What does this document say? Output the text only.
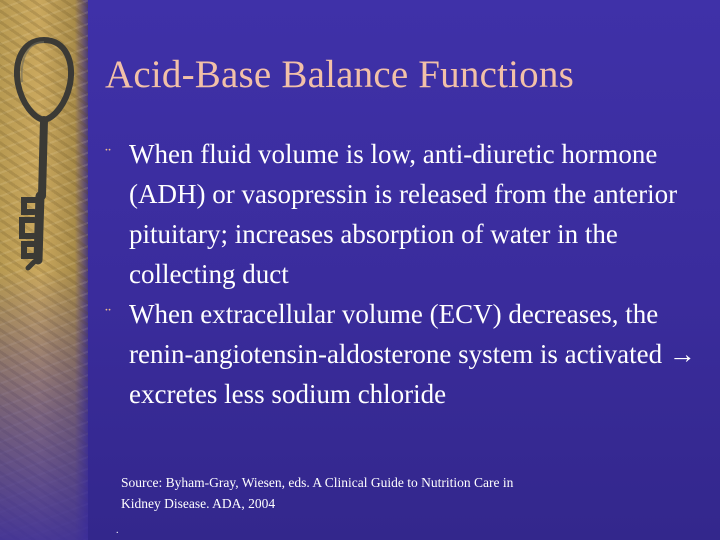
Acid-Base Balance Functions
¨ When fluid volume is low, anti-diuretic hormone (ADH) or vasopressin is released from the anterior pituitary; increases absorption of water in the collecting duct
¨ When extracellular volume (ECV) decreases, the renin-angiotensin-aldosterone system is activated → excretes less sodium chloride
Source: Byham-Gray, Wiesen, eds. A Clinical Guide to Nutrition Care in
Kidney Disease. ADA, 2004
.
